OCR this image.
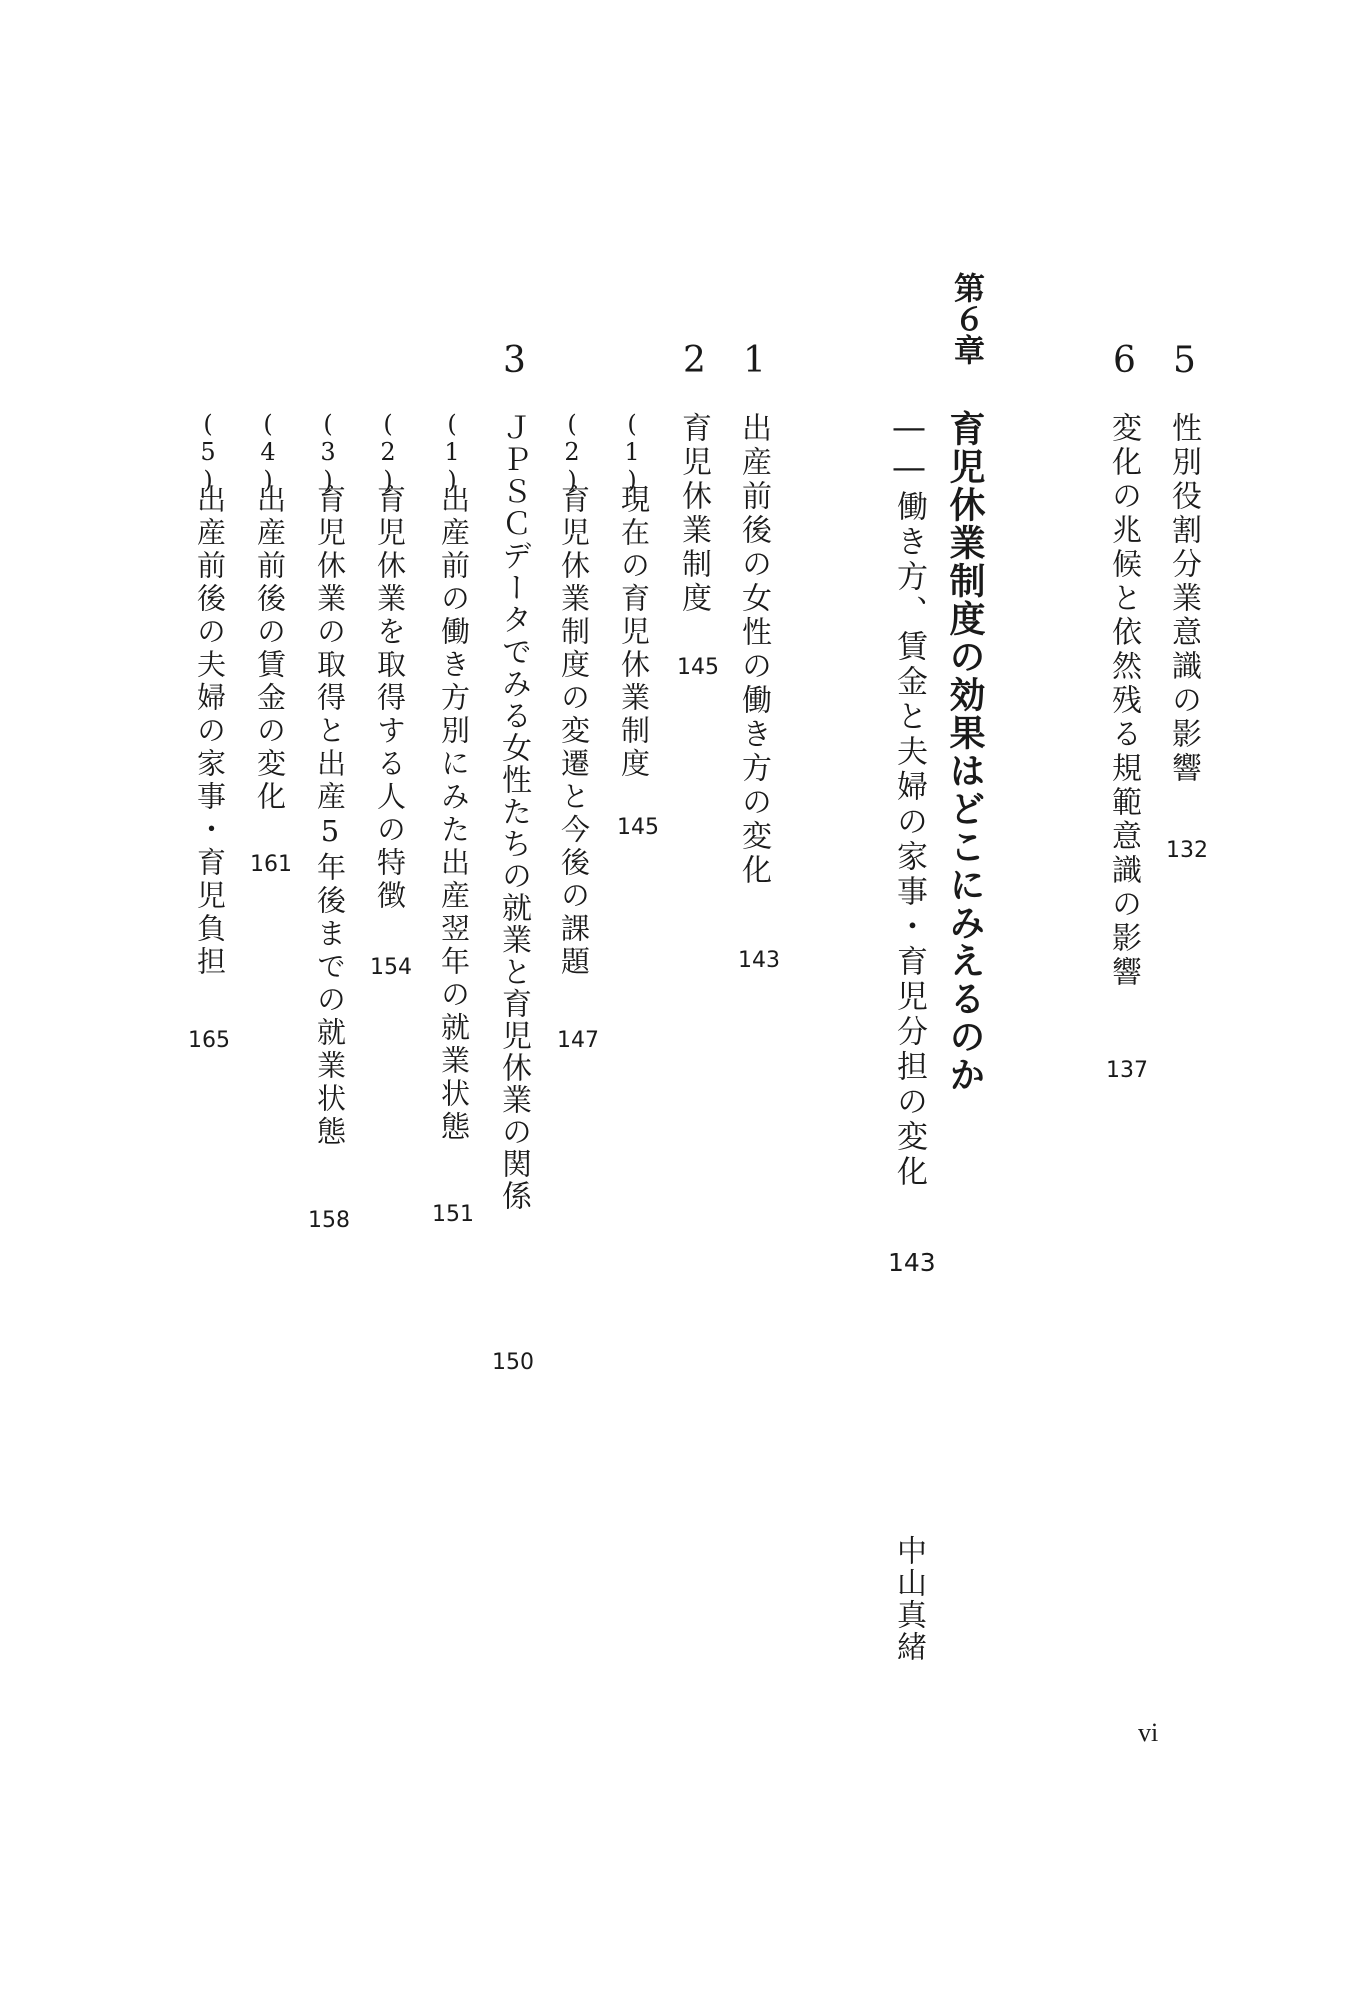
5
性別役割分業意識の影響
132
6
変化の兆候と依然残る規範意識の影響
137
第６章
育児休業制度の効果はどこにみえるのか
――働き方、賃金と夫婦の家事・育児分担の変化
143
中山真緒
1
出産前後の女性の働き方の変化
143
2
育児休業制度
145
(1)
現在の育児休業制度
145
(2)
育児休業制度の変遷と今後の課題
147
3
ＪＰＳＣデータでみる女性たちの就業と育児休業の関係
150
(1)
出産前の働き方別にみた出産翌年の就業状態
151
(2)
育児休業を取得する人の特徴
154
(3)
育児休業の取得と出産5年後までの就業状態
158
(4)
出産前後の賃金の変化
161
(5)
出産前後の夫婦の家事・育児負担
165
vi
